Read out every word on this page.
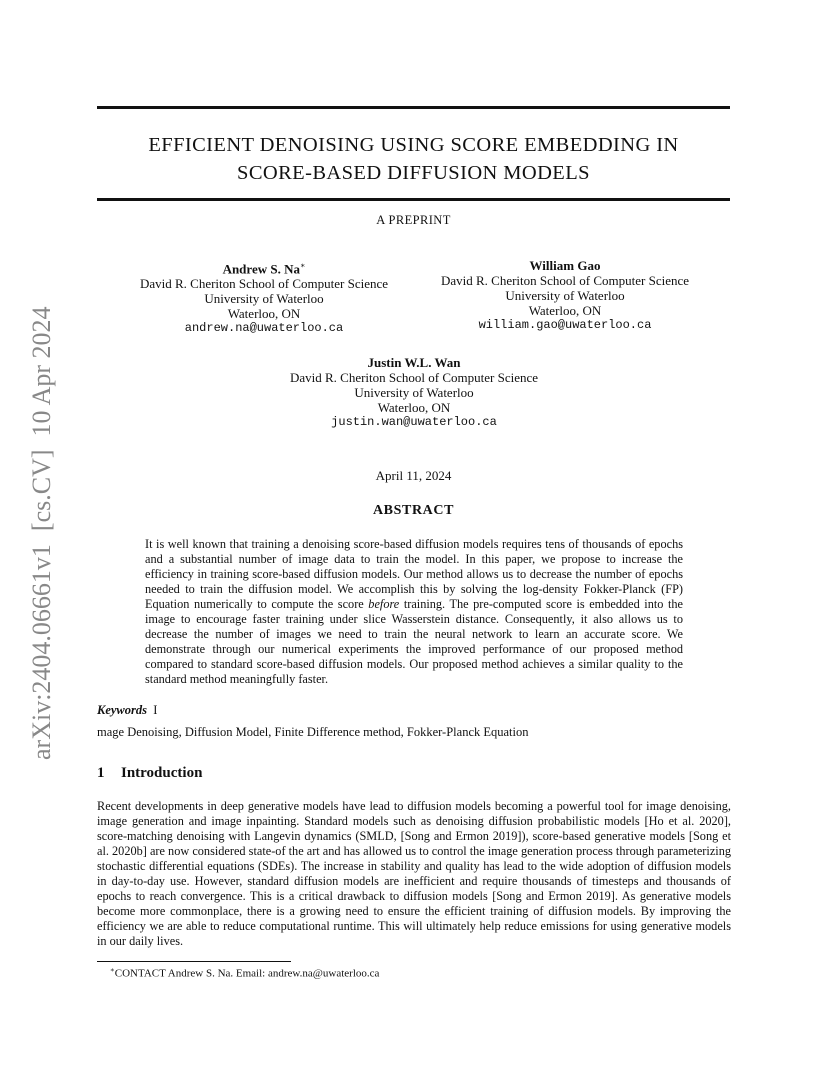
arXiv:2404.06661v1  [cs.CV]  10 Apr 2024
EFFICIENT DENOISING USING SCORE EMBEDDING IN
SCORE-BASED DIFFUSION MODELS
A PREPRINT
Andrew S. Na∗
David R. Cheriton School of Computer Science
University of Waterloo
Waterloo, ON
andrew.na@uwaterloo.ca
William Gao
David R. Cheriton School of Computer Science
University of Waterloo
Waterloo, ON
william.gao@uwaterloo.ca
Justin W.L. Wan
David R. Cheriton School of Computer Science
University of Waterloo
Waterloo, ON
justin.wan@uwaterloo.ca
April 11, 2024
ABSTRACT

It is well known that training a denoising score-based diffusion models requires tens of thousands of epochs and a substantial number of image data to train the model. In this paper, we propose to increase the efficiency in training score-based diffusion models. Our method allows us to decrease the number of epochs needed to train the diffusion model. We accomplish this by solving the log-density Fokker-Planck (FP) Equation numerically to compute the score before training. The pre-computed score is embedded into the image to encourage faster training under slice Wasserstein distance. Consequently, it also allows us to decrease the number of images we need to train the neural network to learn an accurate score. We demonstrate through our numerical experiments the improved performance of our proposed method compared to standard score-based diffusion models. Our proposed method achieves a similar quality to the standard method meaningfully faster.

Keywords I
mage Denoising, Diffusion Model, Finite Difference method, Fokker-Planck Equation
1 Introduction

Recent developments in deep generative models have lead to diffusion models becoming a powerful tool for image denoising, image generation and image inpainting. Standard models such as denoising diffusion probabilistic models [Ho et al. 2020], score-matching denoising with Langevin dynamics (SMLD, [Song and Ermon 2019]), score-based generative models [Song et al. 2020b] are now considered state-of the art and has allowed us to control the image generation process through parameterizing stochastic differential equations (SDEs). The increase in stability and quality has lead to the wide adoption of diffusion models in day-to-day use. However, standard diffusion models are inefficient and require thousands of timesteps and thousands of epochs to reach convergence. This is a critical drawback to diffusion models [Song and Ermon 2019]. As generative models become more commonplace, there is a growing need to ensure the efficient training of diffusion models. By improving the efficiency we are able to reduce computational runtime. This will ultimately help reduce emissions for using generative models in our daily lives.

∗CONTACT Andrew S. Na. Email: andrew.na@uwaterloo.ca
